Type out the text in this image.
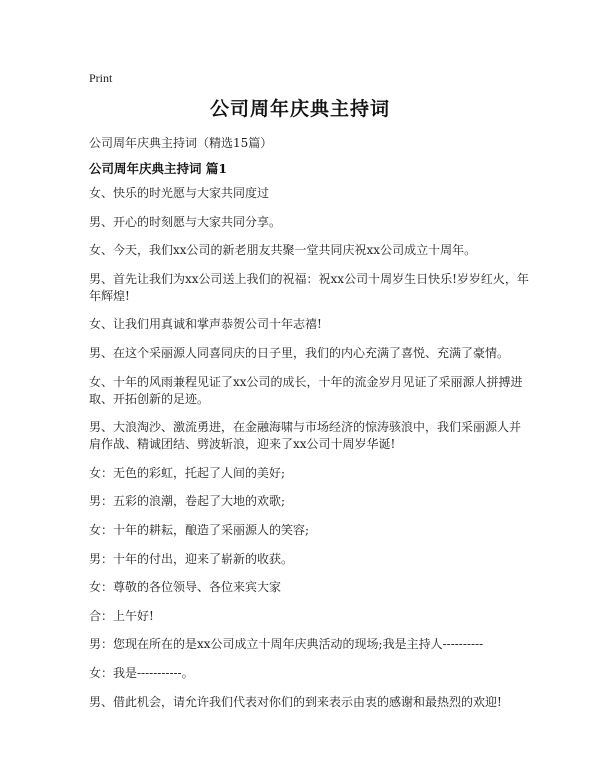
Print
公司周年庆典主持词
公司周年庆典主持词（精选15篇）
公司周年庆典主持词 篇1

女、快乐的时光愿与大家共同度过

男、开心的时刻愿与大家共同分享。

女、今天，我们xx公司的新老朋友共聚一堂共同庆祝xx公司成立十周年。

男、首先让我们为xx公司送上我们的祝福：祝xx公司十周岁生日快乐!岁岁红火，年年辉煌!

女、让我们用真诚和掌声恭贺公司十年志禧!

男、在这个采丽源人同喜同庆的日子里，我们的内心充满了喜悦、充满了豪情。

女、十年的风雨兼程见证了xx公司的成长，十年的流金岁月见证了采丽源人拼搏进取、开拓创新的足迹。

男、大浪淘沙、激流勇进，在金融海啸与市场经济的惊涛骇浪中，我们采丽源人并肩作战、精诚团结、劈波斩浪，迎来了xx公司十周岁华诞!

女：无色的彩虹，托起了人间的美好;

男：五彩的浪潮，卷起了大地的欢歌;

女：十年的耕耘，酿造了采丽源人的笑容;

男：十年的付出，迎来了崭新的收获。

女：尊敬的各位领导、各位来宾大家

合：上午好!

男：您现在所在的是xx公司成立十周年庆典活动的现场;我是主持人----------

女：我是-----------。

男、借此机会，请允许我们代表对你们的到来表示由衷的感谢和最热烈的欢迎!
